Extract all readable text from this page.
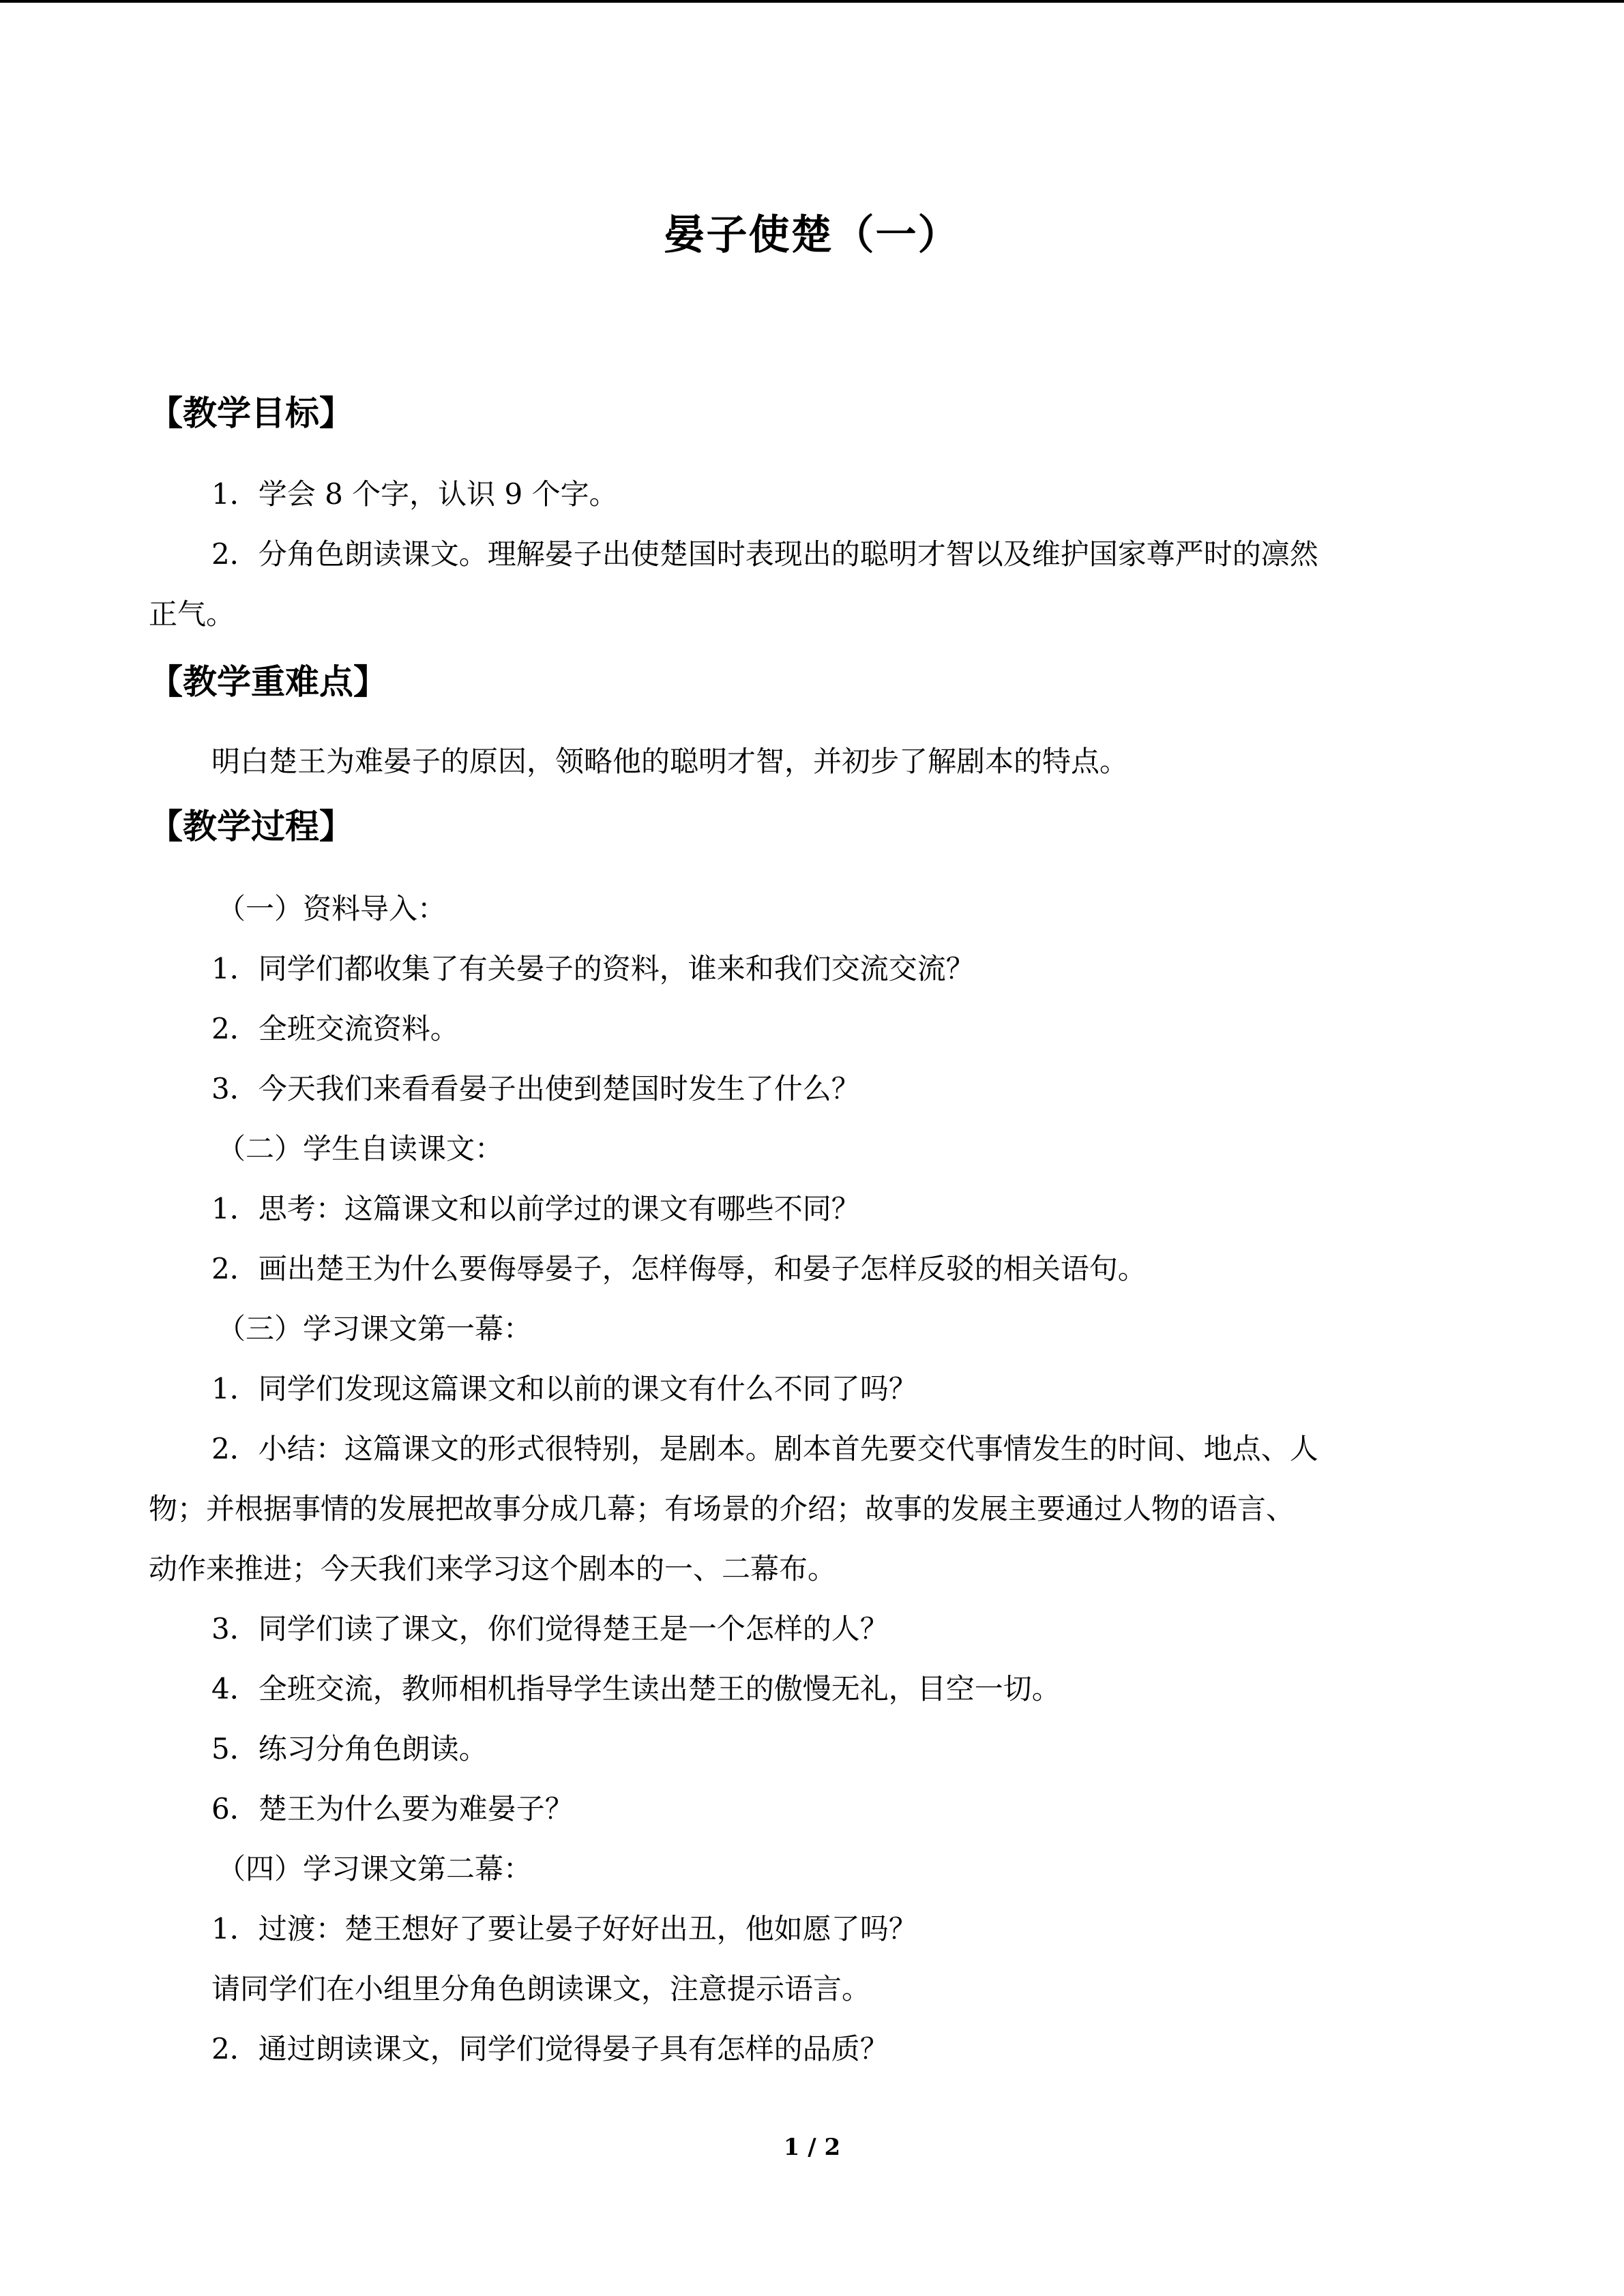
晏子使楚（一）
【教学目标】
1．学会 8 个字，认识 9 个字。
2．分角色朗读课文。理解晏子出使楚国时表现出的聪明才智以及维护国家尊严时的凛然
正气。
【教学重难点】
明白楚王为难晏子的原因，领略他的聪明才智，并初步了解剧本的特点。
【教学过程】
（一）资料导入：
1．同学们都收集了有关晏子的资料，谁来和我们交流交流？
2．全班交流资料。
3．今天我们来看看晏子出使到楚国时发生了什么？
（二）学生自读课文：
1．思考：这篇课文和以前学过的课文有哪些不同？
2．画出楚王为什么要侮辱晏子，怎样侮辱，和晏子怎样反驳的相关语句。
（三）学习课文第一幕：
1．同学们发现这篇课文和以前的课文有什么不同了吗？
2．小结：这篇课文的形式很特别，是剧本。剧本首先要交代事情发生的时间、地点、人
物；并根据事情的发展把故事分成几幕；有场景的介绍；故事的发展主要通过人物的语言、
动作来推进；今天我们来学习这个剧本的一、二幕布。
3．同学们读了课文，你们觉得楚王是一个怎样的人？
4．全班交流，教师相机指导学生读出楚王的傲慢无礼，目空一切。
5．练习分角色朗读。
6．楚王为什么要为难晏子？
（四）学习课文第二幕：
1．过渡：楚王想好了要让晏子好好出丑，他如愿了吗？
请同学们在小组里分角色朗读课文，注意提示语言。
2．通过朗读课文，同学们觉得晏子具有怎样的品质？
1 / 2
